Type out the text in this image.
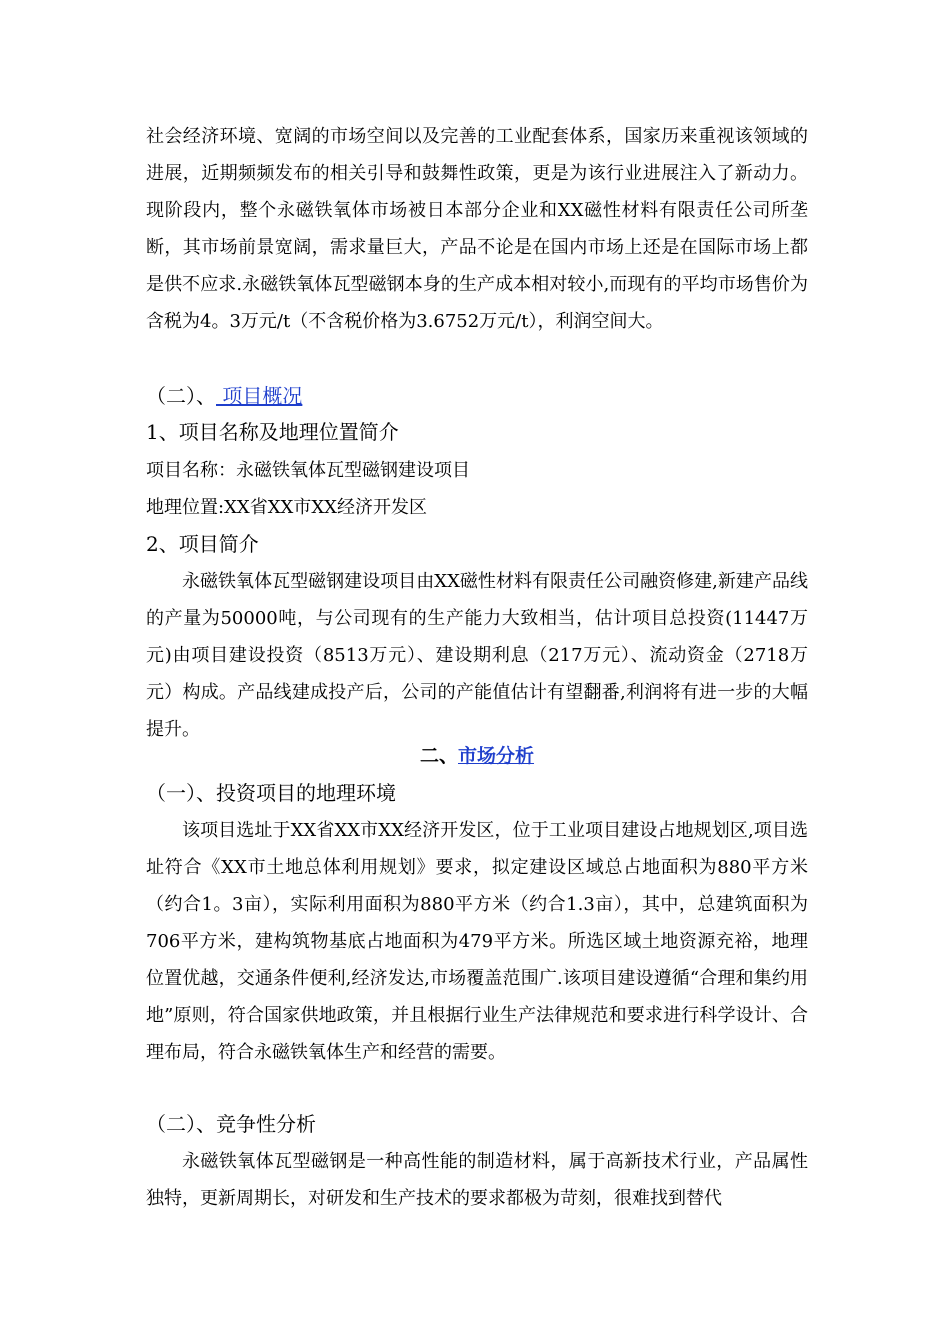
社会经济环境、宽阔的市场空间以及完善的工业配套体系，国家历来重视该领域的进展，近期频频发布的相关引导和鼓舞性政策，更是为该行业进展注入了新动力。现阶段内，整个永磁铁氧体市场被日本部分企业和XX磁性材料有限责任公司所垄断，其市场前景宽阔，需求量巨大，产品不论是在国内市场上还是在国际市场上都是供不应求.永磁铁氧体瓦型磁钢本身的生产成本相对较小,而现有的平均市场售价为含税为4。3万元/t（不含税价格为3.6752万元/t），利润空间大。

（二）、 项目概况

1、项目名称及地理位置简介

项目名称：永磁铁氧体瓦型磁钢建设项目

地理位置:XX省XX市XX经济开发区

2、项目简介

永磁铁氧体瓦型磁钢建设项目由XX磁性材料有限责任公司融资修建,新建产品线的产量为50000吨，与公司现有的生产能力大致相当，估计项目总投资(11447万元)由项目建设投资（8513万元）、建设期利息（217万元）、流动资金（2718万元）构成。产品线建成投产后，公司的产能值估计有望翻番,利润将有进一步的大幅提升。

二、市场分析

（一）、投资项目的地理环境

该项目选址于XX省XX市XX经济开发区，位于工业项目建设占地规划区,项目选址符合《XX市土地总体利用规划》要求，拟定建设区域总占地面积为880平方米（约合1。3亩），实际利用面积为880平方米（约合1.3亩），其中，总建筑面积为706平方米，建构筑物基底占地面积为479平方米。所选区域土地资源充裕，地理位置优越，交通条件便利,经济发达,市场覆盖范围广.该项目建设遵循“合理和集约用地”原则，符合国家供地政策，并且根据行业生产法律规范和要求进行科学设计、合理布局，符合永磁铁氧体生产和经营的需要。

（二）、竞争性分析

永磁铁氧体瓦型磁钢是一种高性能的制造材料，属于高新技术行业，产品属性独特，更新周期长，对研发和生产技术的要求都极为苛刻，很难找到替代
